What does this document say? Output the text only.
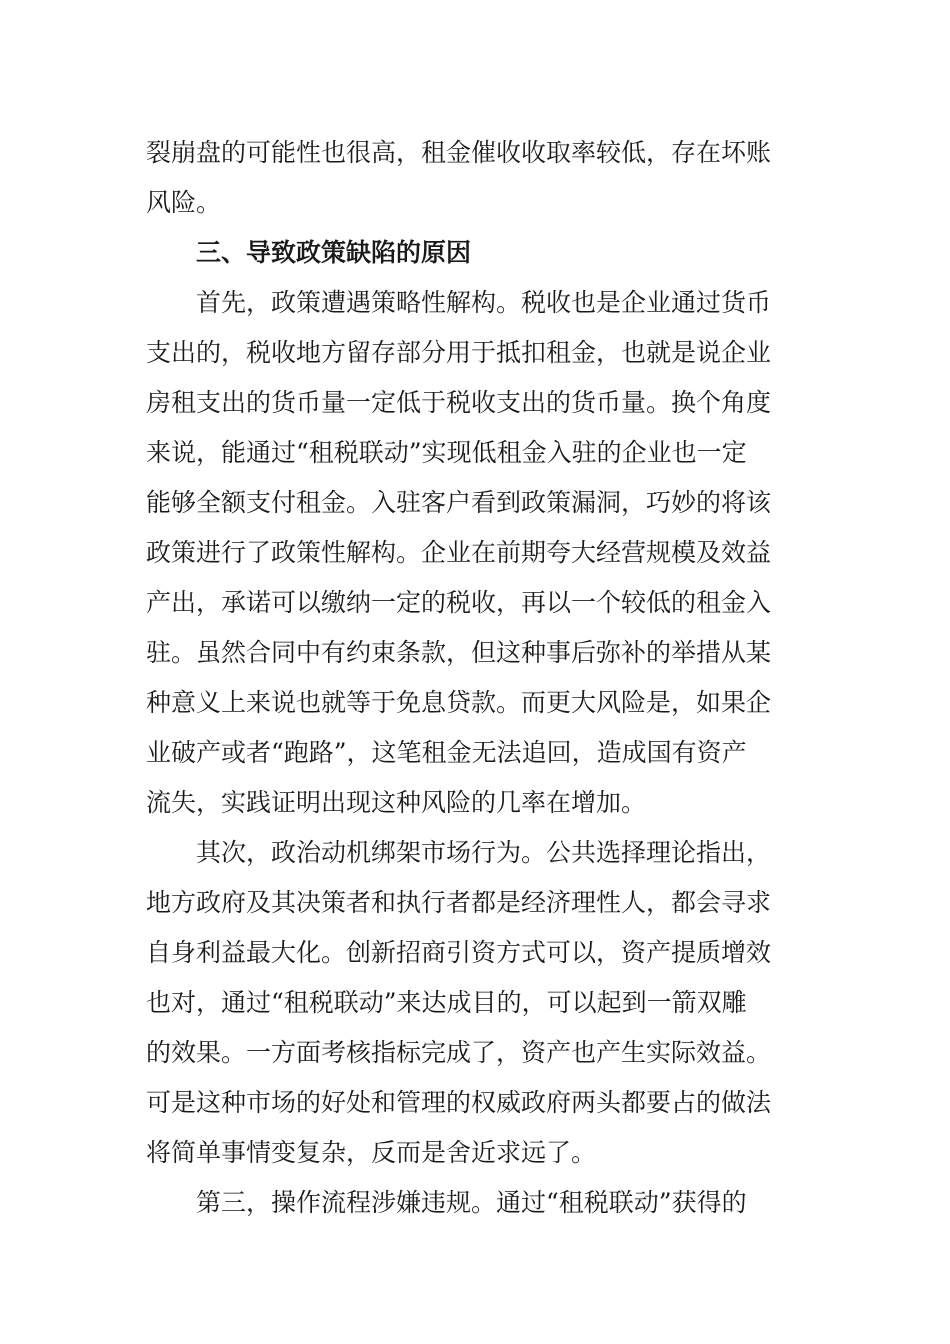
裂崩盘的可能性也很高，租金催收收取率较低，存在坏账
风险。
三、导致政策缺陷的原因
首先，政策遭遇策略性解构。税收也是企业通过货币
支出的，税收地方留存部分用于抵扣租金，也就是说企业
房租支出的货币量一定低于税收支出的货币量。换个角度
来说，能通过“租税联动”实现低租金入驻的企业也一定
能够全额支付租金。入驻客户看到政策漏洞，巧妙的将该
政策进行了政策性解构。企业在前期夸大经营规模及效益
产出，承诺可以缴纳一定的税收，再以一个较低的租金入
驻。虽然合同中有约束条款，但这种事后弥补的举措从某
种意义上来说也就等于免息贷款。而更大风险是，如果企
业破产或者“跑路”，这笔租金无法追回，造成国有资产
流失，实践证明出现这种风险的几率在增加。
其次，政治动机绑架市场行为。公共选择理论指出，
地方政府及其决策者和执行者都是经济理性人，都会寻求
自身利益最大化。创新招商引资方式可以，资产提质增效
也对，通过“租税联动”来达成目的，可以起到一箭双雕
的效果。一方面考核指标完成了，资产也产生实际效益。
可是这种市场的好处和管理的权威政府两头都要占的做法
将简单事情变复杂，反而是舍近求远了。
第三，操作流程涉嫌违规。通过“租税联动”获得的
